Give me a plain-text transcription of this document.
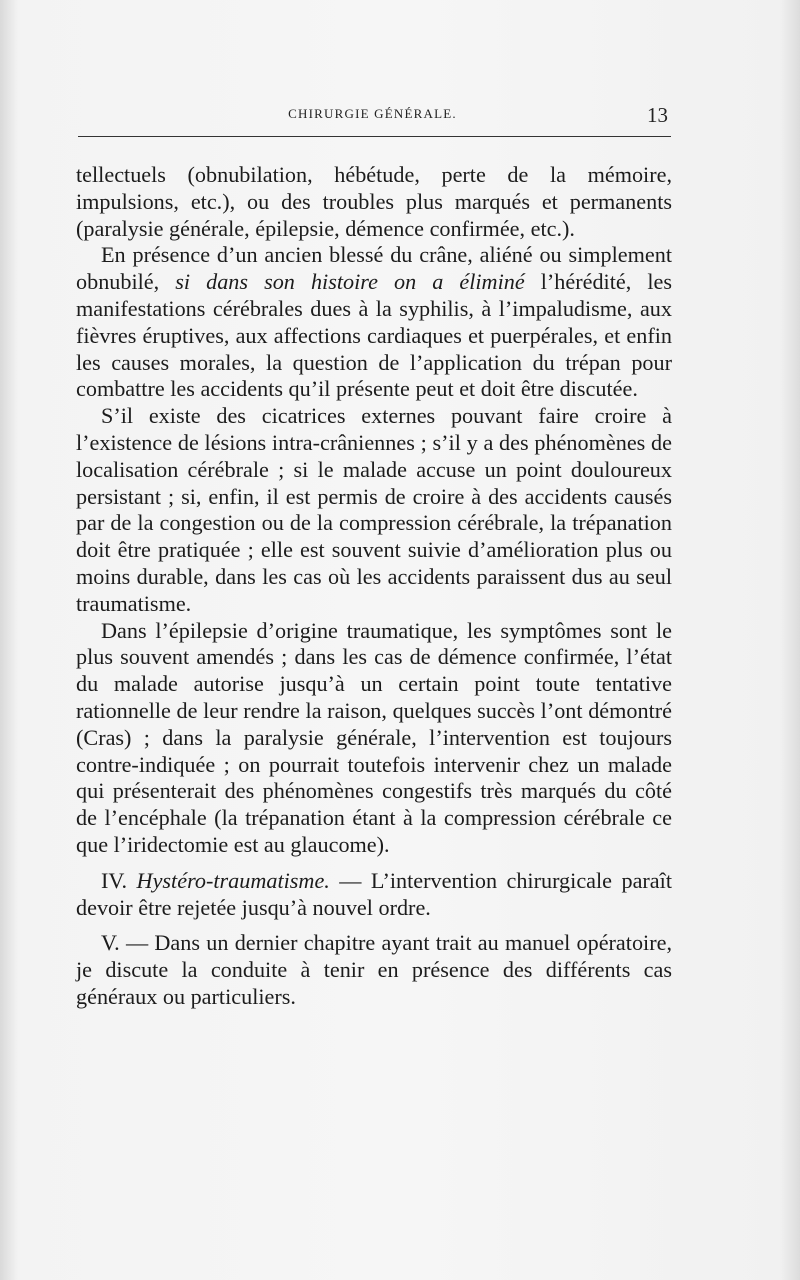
CHIRURGIE GÉNÉRALE.	13

tellectuels (obnubilation, hébétude, perte de la mémoire, impulsions, etc.), ou des troubles plus marqués et permanents (paralysie générale, épilepsie, démence confirmée, etc.).

En présence d’un ancien blessé du crâne, aliéné ou simplement obnubilé, si dans son histoire on a éliminé l’hérédité, les manifestations cérébrales dues à la syphilis, à l’impaludisme, aux fièvres éruptives, aux affections cardiaques et puerpérales, et enfin les causes morales, la question de l’application du trépan pour combattre les accidents qu’il présente peut et doit être discutée.

S’il existe des cicatrices externes pouvant faire croire à l’existence de lésions intra-crâniennes ; s’il y a des phénomènes de localisation cérébrale ; si le malade accuse un point douloureux persistant ; si, enfin, il est permis de croire à des accidents causés par de la congestion ou de la compression cérébrale, la trépanation doit être pratiquée ; elle est souvent suivie d’amélioration plus ou moins durable, dans les cas où les accidents paraissent dus au seul traumatisme.

Dans l’épilepsie d’origine traumatique, les symptômes sont le plus souvent amendés ; dans les cas de démence confirmée, l’état du malade autorise jusqu’à un certain point toute tentative rationnelle de leur rendre la raison, quelques succès l’ont démontré (Cras) ; dans la paralysie générale, l’intervention est toujours contre-indiquée ; on pourrait toutefois intervenir chez un malade qui présenterait des phénomènes congestifs très marqués du côté de l’encéphale (la trépanation étant à la compression cérébrale ce que l’iridectomie est au glaucome).

IV. Hystéro-traumatisme. — L’intervention chirurgicale paraît devoir être rejetée jusqu’à nouvel ordre.

V. — Dans un dernier chapitre ayant trait au manuel opératoire, je discute la conduite à tenir en présence des différents cas généraux ou particuliers.
